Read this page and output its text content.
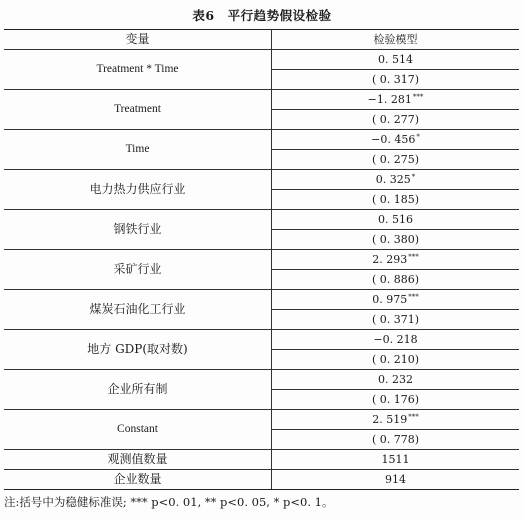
表6　平行趋势假设检验
变量	检验模型
Treatment * Time	0. 514
	( 0. 317)
Treatment	−1. 281***
	( 0. 277)
Time	−0. 456*
	( 0. 275)
电力热力供应行业	0. 325*
	( 0. 185)
钢铁行业	0. 516
	( 0. 380)
采矿行业	2. 293***
	( 0. 886)
煤炭石油化工行业	0. 975***
	( 0. 371)
地方 GDP(取对数)	−0. 218
	( 0. 210)
企业所有制	0. 232
	( 0. 176)
Constant	2. 519***
	( 0. 778)
观测值数量	1511
企业数量	914
注:括号中为稳健标准误; *** p<0. 01, ** p<0. 05, * p<0. 1。
